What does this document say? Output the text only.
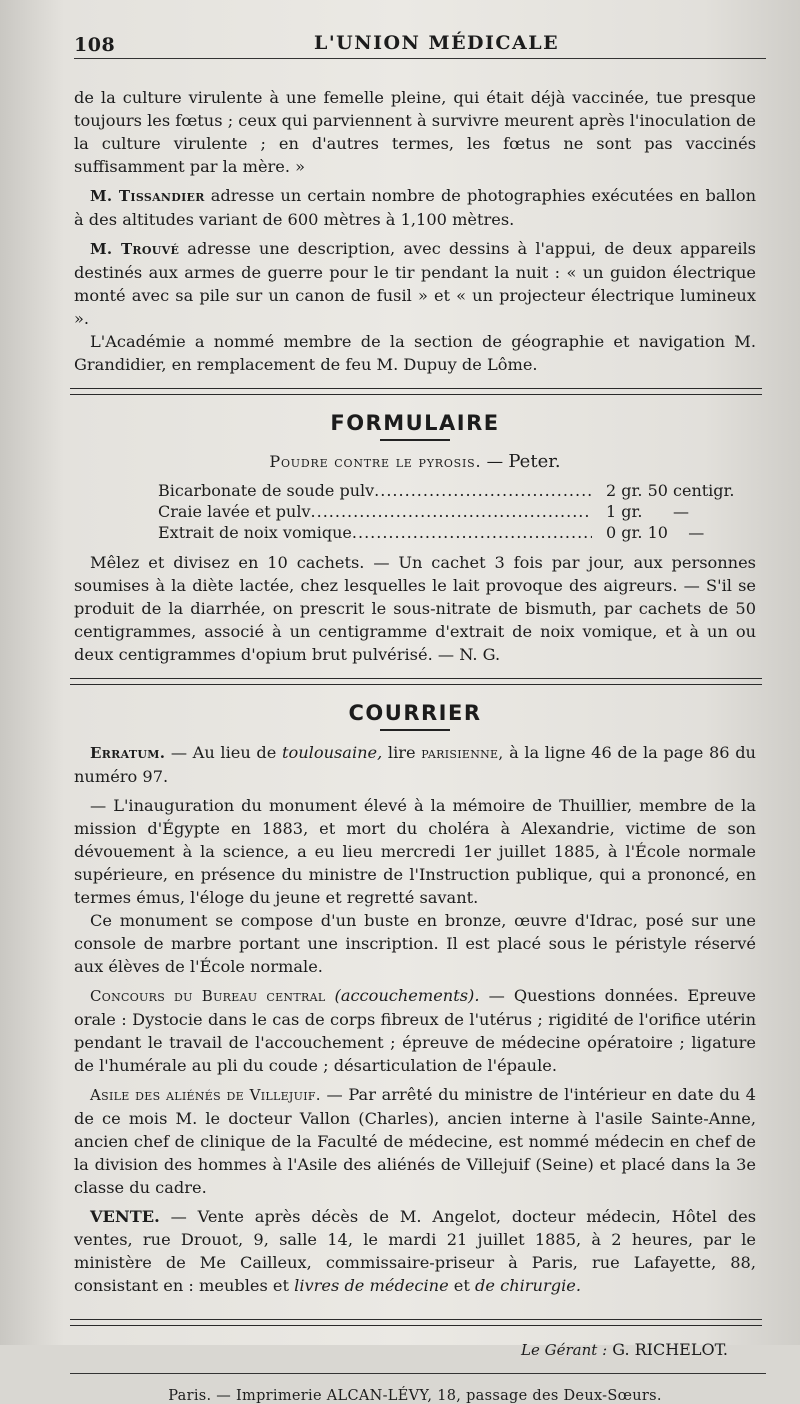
108	L'UNION MÉDICALE

de la culture virulente à une femelle pleine, qui était déjà vaccinée, tue presque toujours les fœtus ; ceux qui parviennent à survivre meurent après l'inoculation de la culture virulente ; en d'autres termes, les fœtus ne sont pas vaccinés suffisamment par la mère. »

M. Tissandier adresse un certain nombre de photographies exécutées en ballon à des altitudes variant de 600 mètres à 1,100 mètres.

M. Trouvé adresse une description, avec dessins à l'appui, de deux appareils destinés aux armes de guerre pour le tir pendant la nuit : « un guidon électrique monté avec sa pile sur un canon de fusil » et « un projecteur électrique lumineux ».

L'Académie a nommé membre de la section de géographie et navigation M. Grandidier, en remplacement de feu M. Dupuy de Lôme.

FORMULAIRE
Poudre contre le pyrosis. — Peter.
Bicarbonate de soude pulv .....	2 gr. 50 centigr.
Craie lavée et pulv .....	1 gr.      —
Extrait de noix vomique .....	0 gr. 10    —

Mêlez et divisez en 10 cachets. — Un cachet 3 fois par jour, aux personnes soumises à la diète lactée, chez lesquelles le lait provoque des aigreurs. — S'il se produit de la diarrhée, on prescrit le sous-nitrate de bismuth, par cachets de 50 centigrammes, associé à un centigramme d'extrait de noix vomique, et à un ou deux centigrammes d'opium brut pulvérisé. — N. G.

COURRIER

Erratum. — Au lieu de toulousaine, lire parisienne, à la ligne 46 de la page 86 du numéro 97.

— L'inauguration du monument élevé à la mémoire de Thuillier, membre de la mission d'Égypte en 1883, et mort du choléra à Alexandrie, victime de son dévouement à la science, a eu lieu mercredi 1er juillet 1885, à l'École normale supérieure, en présence du ministre de l'Instruction publique, qui a prononcé, en termes émus, l'éloge du jeune et regretté savant.

Ce monument se compose d'un buste en bronze, œuvre d'Idrac, posé sur une console de marbre portant une inscription. Il est placé sous le péristyle réservé aux élèves de l'École normale.

Concours du Bureau central (accouchements). — Questions données. Epreuve orale : Dystocie dans le cas de corps fibreux de l'utérus ; rigidité de l'orifice utérin pendant le travail de l'accouchement ; épreuve de médecine opératoire ; ligature de l'humérale au pli du coude ; désarticulation de l'épaule.

Asile des aliénés de Villejuif. — Par arrêté du ministre de l'intérieur en date du 4 de ce mois M. le docteur Vallon (Charles), ancien interne à l'asile Sainte-Anne, ancien chef de clinique de la Faculté de médecine, est nommé médecin en chef de la division des hommes à l'Asile des aliénés de Villejuif (Seine) et placé dans la 3e classe du cadre.

VENTE. — Vente après décès de M. Angelot, docteur médecin, Hôtel des ventes, rue Drouot, 9, salle 14, le mardi 21 juillet 1885, à 2 heures, par le ministère de Me Cailleux, commissaire-priseur à Paris, rue Lafayette, 88, consistant en : meubles et livres de médecine et de chirurgie.

Le Gérant : G. RICHELOT.
Paris. — Imprimerie ALCAN-LÉVY, 18, passage des Deux-Sœurs.
